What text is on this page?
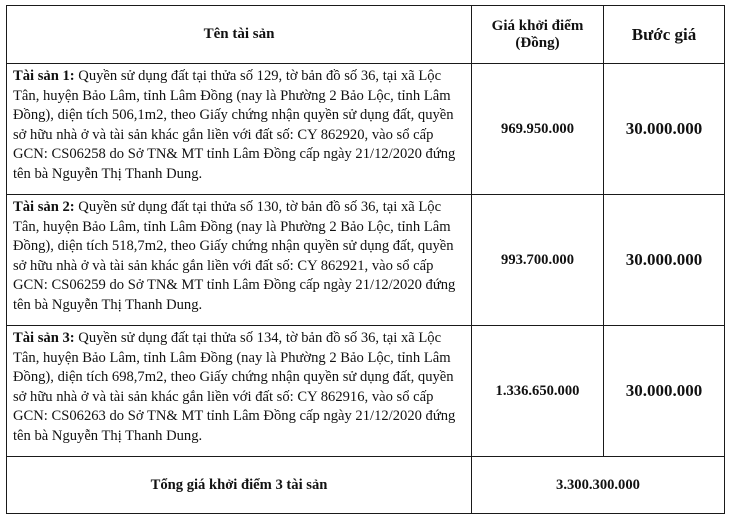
Tên tài sản	Giá khởi điểm (Đồng)	Bước giá
Tài sản 1: Quyền sử dụng đất tại thửa số 129, tờ bản đồ số 36, tại xã Lộc Tân, huyện Bảo Lâm, tỉnh Lâm Đồng (nay là Phường 2 Bảo Lộc, tỉnh Lâm Đồng), diện tích 506,1m2, theo Giấy chứng nhận quyền sử dụng đất, quyền sở hữu nhà ở và tài sản khác gắn liền với đất số: CY 862920, vào sổ cấp GCN: CS06258 do Sở TN& MT tỉnh Lâm Đồng cấp ngày 21/12/2020 đứng tên bà Nguyễn Thị Thanh Dung.	969.950.000	30.000.000
Tài sản 2: Quyền sử dụng đất tại thửa số 130, tờ bản đồ số 36, tại xã Lộc Tân, huyện Bảo Lâm, tỉnh Lâm Đồng (nay là Phường 2 Bảo Lộc, tỉnh Lâm Đồng), diện tích 518,7m2, theo Giấy chứng nhận quyền sử dụng đất, quyền sở hữu nhà ở và tài sản khác gắn liền với đất số: CY 862921, vào sổ cấp GCN: CS06259 do Sở TN& MT tỉnh Lâm Đồng cấp ngày 21/12/2020 đứng tên bà Nguyễn Thị Thanh Dung.	993.700.000	30.000.000
Tài sản 3: Quyền sử dụng đất tại thửa số 134, tờ bản đồ số 36, tại xã Lộc Tân, huyện Bảo Lâm, tỉnh Lâm Đồng (nay là Phường 2 Bảo Lộc, tỉnh Lâm Đồng), diện tích 698,7m2, theo Giấy chứng nhận quyền sử dụng đất, quyền sở hữu nhà ở và tài sản khác gắn liền với đất số: CY 862916, vào sổ cấp GCN: CS06263 do Sở TN& MT tỉnh Lâm Đồng cấp ngày 21/12/2020 đứng tên bà Nguyễn Thị Thanh Dung.	1.336.650.000	30.000.000
Tổng giá khởi điểm 3 tài sản	3.300.300.000	
